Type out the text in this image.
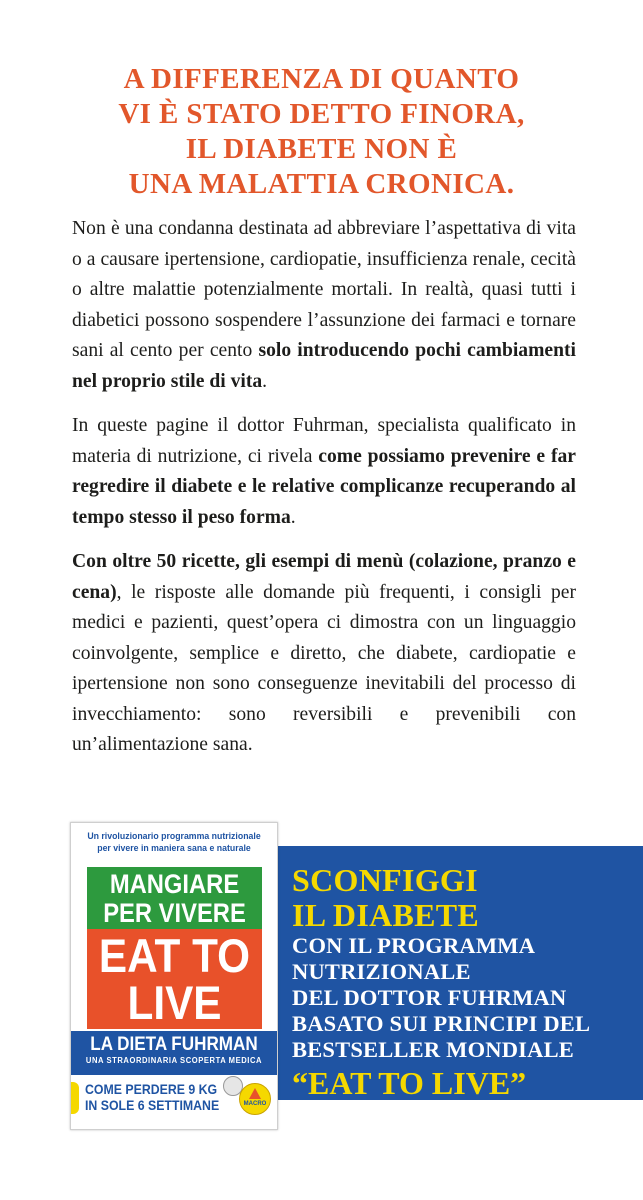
A DIFFERENZA DI QUANTO
VI È STATO DETTO FINORA,
IL DIABETE NON È
UNA MALATTIA CRONICA.

Non è una condanna destinata ad abbreviare l’aspettativa di vita o a causare ipertensione, cardiopatie, insufficienza renale, cecità o altre malattie potenzialmente mortali. In realtà, quasi tutti i diabetici possono sospendere l’assunzione dei farmaci e tornare sani al cento per cento solo introducendo pochi cambiamenti nel proprio stile di vita.

In queste pagine il dottor Fuhrman, specialista qualificato in materia di nutrizione, ci rivela come possiamo prevenire e far regredire il diabete e le relative complicanze recuperando al tempo stesso il peso forma.

Con oltre 50 ricette, gli esempi di menù (colazione, pranzo e cena), le risposte alle domande più frequenti, i consigli per medici e pazienti, quest’opera ci dimostra con un linguaggio coinvolgente, semplice e diretto, che diabete, cardiopatie e ipertensione non sono conseguenze inevitabili del processo di invecchiamento: sono reversibili e prevenibili con un’alimentazione sana.

Un rivoluzionario programma nutrizionale
per vivere in maniera sana e naturale
MANGIARE
PER VIVERE
EAT TO
LIVE
LA DIETA FUHRMAN
UNA STRAORDINARIA SCOPERTA MEDICA
COME PERDERE 9 KG
IN SOLE 6 SETTIMANE	MACRO
SCONFIGGI
IL DIABETE
CON IL PROGRAMMA
NUTRIZIONALE
DEL DOTTOR FUHRMAN
BASATO SUI PRINCIPI DEL
BESTSELLER MONDIALE
“EAT TO LIVE”
